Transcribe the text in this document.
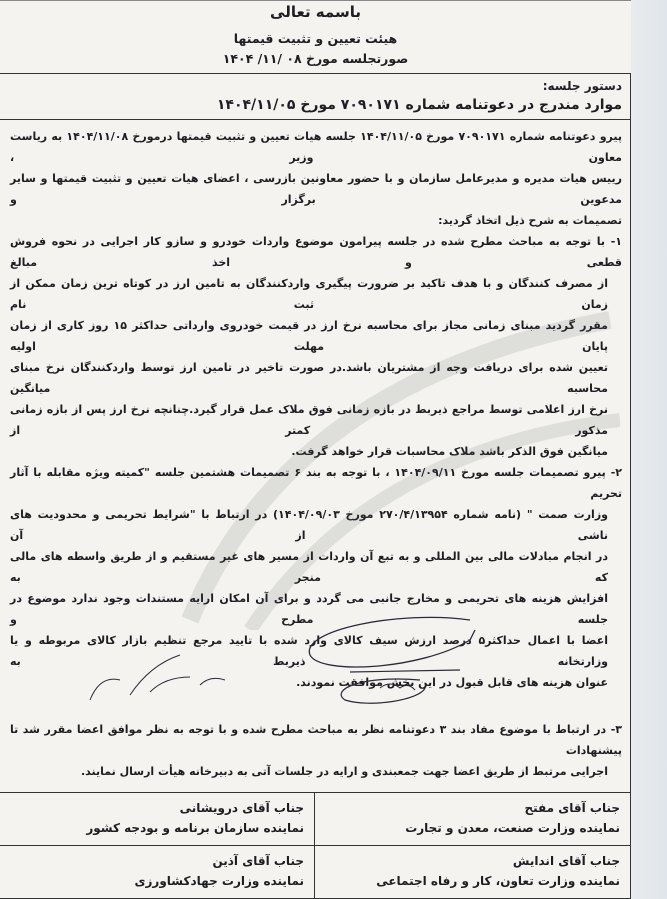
باسمه تعالی
هیئت تعیین و تثبیت قیمتها
صورتجلسه مورخ ۰۸ /۱۱/ ۱۴۰۴
دستور جلسه:
موارد مندرج در دعوتنامه شماره ۷۰۹۰۱۷۱ مورخ ۱۴۰۴/۱۱/۰۵
پیرو دعوتنامه شماره ۷۰۹۰۱۷۱ مورخ ۱۴۰۴/۱۱/۰۵ جلسه هیات تعیین و تثبیت قیمتها درمورخ ۱۴۰۴/۱۱/۰۸ به ریاست معاون وزیر ،
رییس هیات مدیره و مدیرعامل سازمان و با حضور معاونین بازرسی ، اعضای هیات تعیین و تثبیت قیمتها و سایر مدعوین برگزار و
تصمیمات به شرح ذیل اتخاذ گردید:
۱- با توجه به مباحث مطرح شده در جلسه پیرامون موضوع واردات خودرو و سازو کار اجرایی در نحوه فروش قطعی و اخذ مبالغ
از مصرف کنندگان و با هدف تاکید بر ضرورت پیگیری واردکنندگان به تامین ارز در کوتاه ترین زمان ممکن از زمان ثبت نام
مقرر گردید مبنای زمانی مجاز برای محاسبه نرخ ارز در قیمت خودروی وارداتی حداکثر ۱۵ روز کاری از زمان پایان مهلت اولیه
تعیین شده برای دریافت وجه از مشتریان باشد.در صورت تاخیر در تامین ارز توسط واردکنندگان نرخ مبنای محاسبه میانگین
نرخ ارز اعلامی توسط مراجع ذیربط در بازه زمانی فوق ملاک عمل قرار گیرد.چنانچه نرخ ارز پس از بازه زمانی مذکور کمتر از
میانگین فوق الذکر باشد ملاک محاسبات قرار خواهد گرفت.
۲- پیرو تصمیمات جلسه مورخ ۱۴۰۴/۰۹/۱۱ ، با توجه به بند ۶ تصمیمات هشتمین جلسه "کمیته ویژه مقابله با آثار تحریم
وزارت صمت " (نامه شماره ۲۷۰/۴/۱۳۹۵۴ مورخ ۱۴۰۴/۰۹/۰۳) در ارتباط با "شرایط تحریمی و محدودیت های ناشی از آن
در انجام مبادلات مالی بین المللی و به تبع آن واردات از مسیر های غیر مستقیم و از طریق واسطه های مالی که منجر به
افزایش هزینه های تحریمی و مخارج جانبی می گردد و برای آن امکان ارایه مستندات وجود ندارد موضوع در جلسه مطرح و
اعضا با اعمال حداکثر۵ درصد ارزش سیف کالای وارد شده با تایید مرجع تنظیم بازار کالای مربوطه و یا وزارتخانه ذیربط به
عنوان هزینه های قابل قبول در این بخش موافقت نمودند.
۳- در ارتباط با موضوع مفاد بند ۳ دعوتنامه نظر به مباحث مطرح شده و با توجه به نظر موافق اعضا مقرر شد تا پیشنهادات
اجرایی مرتبط از طریق اعضا جهت جمعبندی و ارایه در جلسات آتی به دبیرخانه هیأت ارسال نمایند.
جناب آقای مفتح
نماینده وزارت صنعت، معدن و تجارت
جناب آقای درویشانی
نماینده سازمان برنامه و بودجه کشور
جناب آقای اندایش
نماینده وزارت تعاون، کار و رفاه اجتماعی
جناب آقای آذین
نماینده وزارت جهادکشاورزی
